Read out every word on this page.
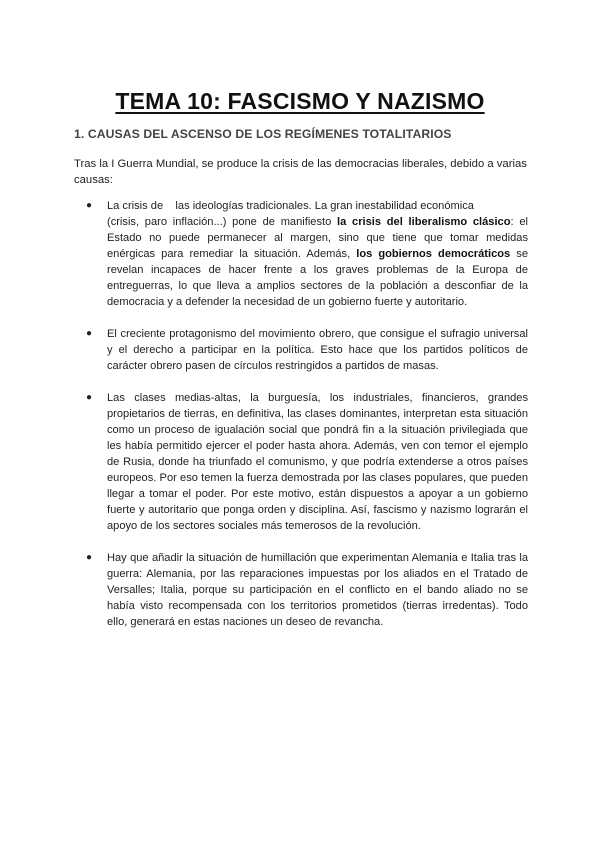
TEMA 10: FASCISMO Y NAZISMO
1. CAUSAS DEL ASCENSO DE LOS REGÍMENES TOTALITARIOS
Tras la I Guerra Mundial, se produce la crisis de las democracias liberales, debido a varias causas:
● La crisis de    las ideologías tradicionales. La gran inestabilidad económica
(crisis, paro inflación...) pone de manifiesto la crisis del liberalismo clásico: el Estado no puede permanecer al margen, sino que tiene que tomar medidas enérgicas para remediar la situación. Además, los gobiernos democráticos se revelan incapaces de hacer frente a los graves problemas de la Europa de entreguerras, lo que lleva a amplios sectores de la población a desconfiar de la democracia y a defender la necesidad de un gobierno fuerte y autoritario.

● El creciente protagonismo del movimiento obrero, que consigue el sufragio universal y el derecho a participar en la política. Esto hace que los partidos políticos de carácter obrero pasen de círculos restringidos a partidos de masas.

● Las clases medias-altas, la burguesía, los industriales, financieros, grandes propietarios de tierras, en definitiva, las clases dominantes, interpretan esta situación como un proceso de igualación social que pondrá fin a la situación privilegiada que les había permitido ejercer el poder hasta ahora. Además, ven con temor el ejemplo de Rusia, donde ha triunfado el comunismo, y que podría extenderse a otros países europeos. Por eso temen la fuerza demostrada por las clases populares, que pueden llegar a tomar el poder. Por este motivo, están dispuestos a apoyar a un gobierno fuerte y autoritario que ponga orden y disciplina. Así, fascismo y nazismo lograrán el apoyo de los sectores sociales más temerosos de la revolución.

● Hay que añadir la situación de humillación que experimentan Alemania e Italia tras la guerra: Alemania, por las reparaciones impuestas por los aliados en el Tratado de Versalles; Italia, porque su participación en el conflicto en el bando aliado no se había visto recompensada con los territorios prometidos (tierras irredentas). Todo ello, generará en estas naciones un deseo de revancha.
